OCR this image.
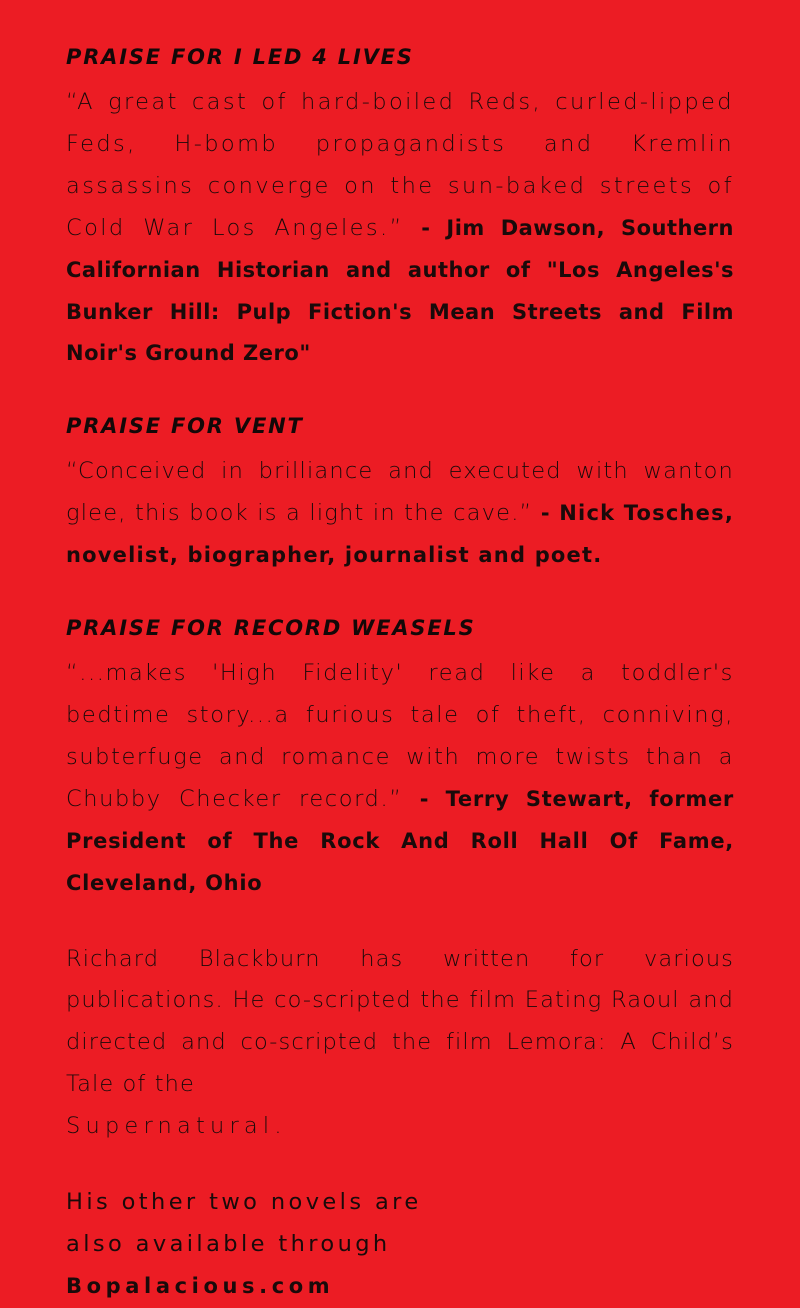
PRAISE FOR I LED 4 LIVES

“A great cast of hard-boiled Reds, curled-lipped Feds, H-bomb propagandists and Kremlin assassins converge on the sun-baked streets of Cold War Los Angeles.” - Jim Dawson, Southern Californian Historian and author of "Los Angeles's Bunker Hill: Pulp Fiction's Mean Streets and Film Noir's Ground Zero"

PRAISE FOR VENT

“Conceived in brilliance and executed with wanton glee, this book is a light in the cave.” - Nick Tosches, novelist, biographer, journalist and poet.

PRAISE FOR RECORD WEASELS

“...makes 'High Fidelity' read like a toddler's bedtime story...a furious tale of theft, conniving, subterfuge and romance with more twists than a Chubby Checker record.” - Terry Stewart, former President of The Rock And Roll Hall Of Fame, Cleveland, Ohio

Richard Blackburn has written for various publications. He co-scripted the film Eating Raoul and directed and co-scripted the film Lemora: A Child’s Tale of the
Supernatural.

His other two novels are

also available through

Bopalacious.com
